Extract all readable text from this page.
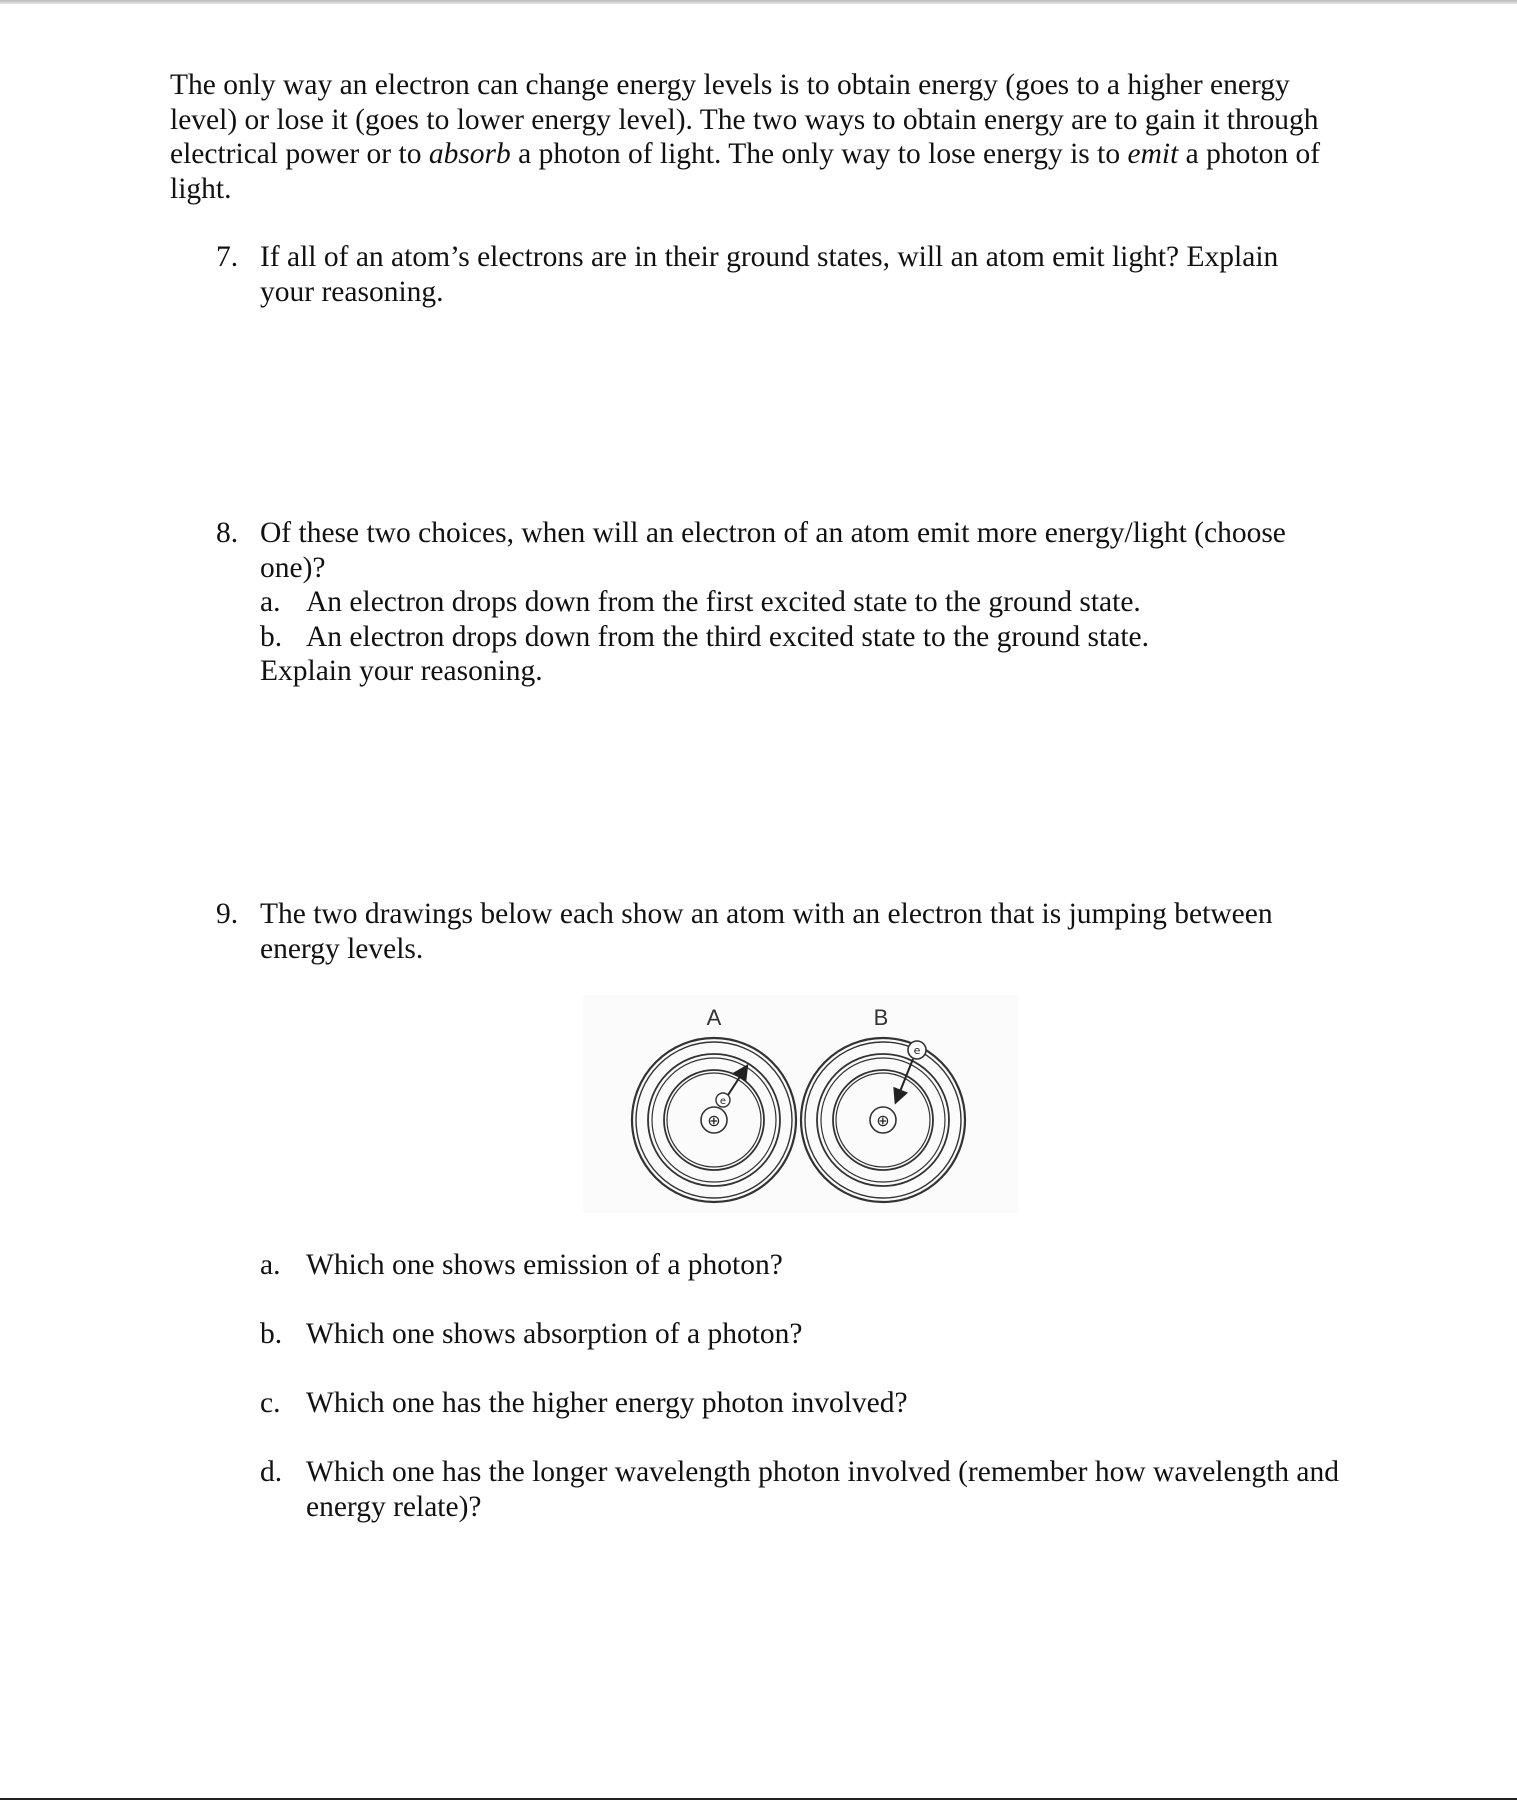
The only way an electron can change energy levels is to obtain energy (goes to a higher energy level) or lose it (goes to lower energy level). The two ways to obtain energy are to gain it through electrical power or to absorb a photon of light. The only way to lose energy is to emit a photon of light.

7. If all of an atom’s electrons are in their ground states, will an atom emit light? Explain your reasoning.
8. Of these two choices, when will an electron of an atom emit more energy/light (choose one)?
a. An electron drops down from the first excited state to the ground state.
b. An electron drops down from the third excited state to the ground state.
Explain your reasoning.
9. The two drawings below each show an atom with an electron that is jumping between energy levels.
A	B
⊕
e
⊕
e
a. Which one shows emission of a photon?
b. Which one shows absorption of a photon?
c. Which one has the higher energy photon involved?
d. Which one has the longer wavelength photon involved (remember how wavelength and energy relate)?
